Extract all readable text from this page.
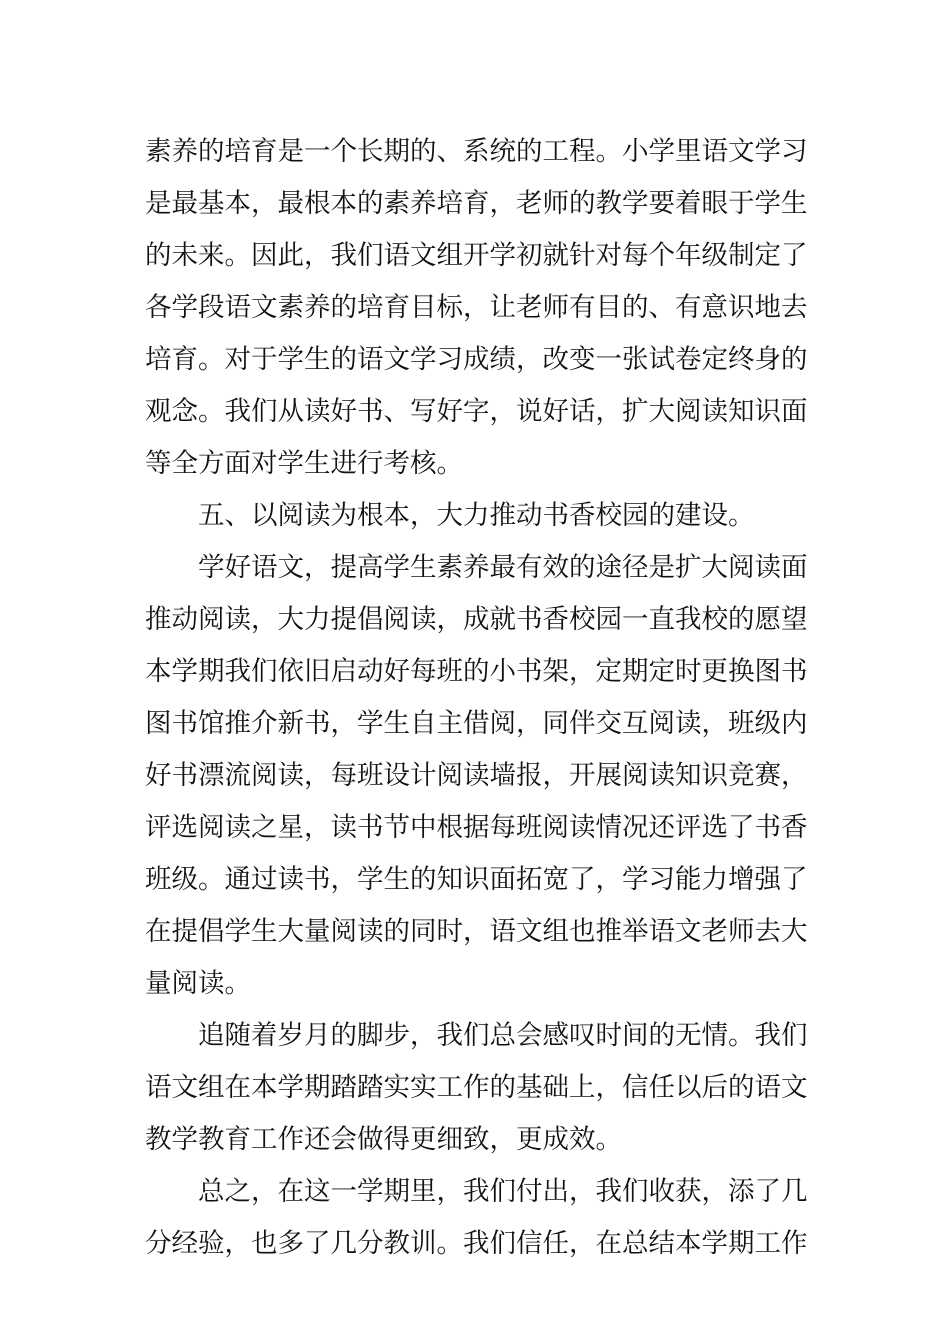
素养的培育是一个长期的、系统的工程。小学里语文学习
是最基本，最根本的素养培育，老师的教学要着眼于学生
的未来。因此，我们语文组开学初就针对每个年级制定了
各学段语文素养的培育目标，让老师有目的、有意识地去
培育。对于学生的语文学习成绩，改变一张试卷定终身的
观念。我们从读好书、写好字，说好话，扩大阅读知识面
等全方面对学生进行考核。
五、以阅读为根本，大力推动书香校园的建设。
学好语文，提高学生素养最有效的途径是扩大阅读面
推动阅读，大力提倡阅读，成就书香校园一直我校的愿望
本学期我们依旧启动好每班的小书架，定期定时更换图书
图书馆推介新书，学生自主借阅，同伴交互阅读，班级内
好书漂流阅读，每班设计阅读墙报，开展阅读知识竞赛，
评选阅读之星，读书节中根据每班阅读情况还评选了书香
班级。通过读书，学生的知识面拓宽了，学习能力增强了
在提倡学生大量阅读的同时，语文组也推举语文老师去大
量阅读。
追随着岁月的脚步，我们总会感叹时间的无情。我们
语文组在本学期踏踏实实工作的基础上，信任以后的语文
教学教育工作还会做得更细致，更成效。
总之，在这一学期里，我们付出，我们收获，添了几
分经验，也多了几分教训。我们信任，在总结本学期工作
